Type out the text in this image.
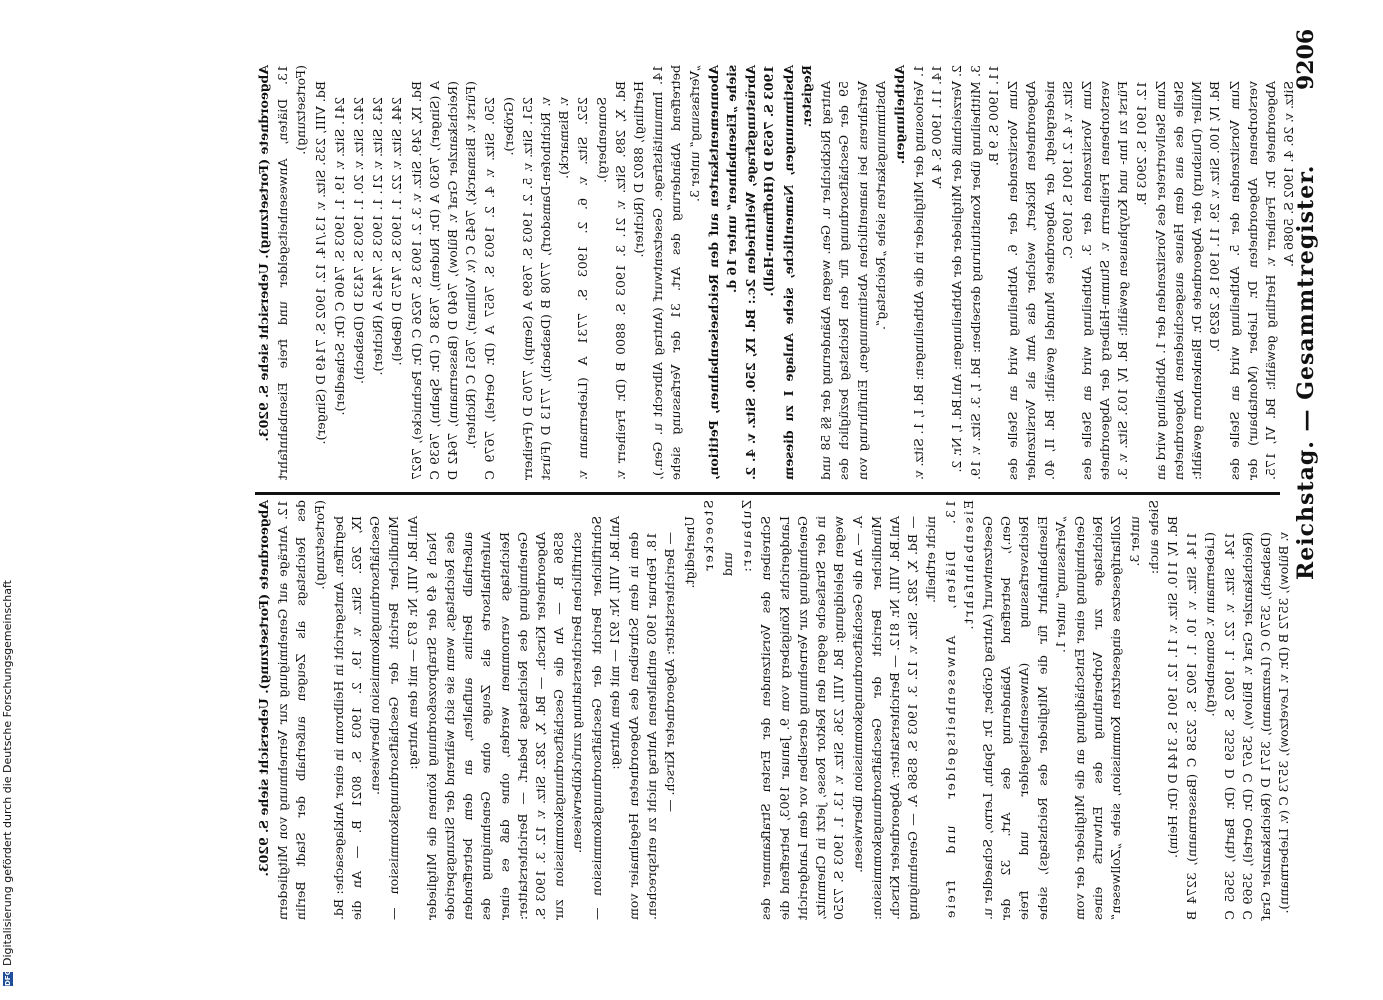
9206
Reichstag. — Gesammtregister.

Abgeordnete (Fortsetzung). Uebersicht siehe S. 9203. 12. Anträge auf Genehmigung zur Vernehmung von Mitgliedern des Reichstags als Zeugen außerhalb der Stadt Berlin (Fortsetzung). begriffen. Amtsgericht in Heilbronn in einer Anklagesache: Bd. IX, 262. Sitz. v. 19. 2. 1903 S. 8021 B. — An die Geschäftsordnungskommission überwiesen. Mündlicher Bericht der Geschäftsordnungskommission — Anl.Bd. VIII, Nr. 873 — mit dem Antrag: Nach § 49 der Strafprozeßordnung können die Mitglieder des Reichstags, wenn sie sich während der Sitzungsperiode außerhalb Berlins aufhalten, an dem betreffenden Aufenthaltsorte als Zeuge ohne Genehmigung des Reichstags vernommen werden, ohne daß es einer Genehmigung des Reichstags bedarf. — Berichterstatter: Abgeordneter Kirsch. — Bd. X, 282. Sitz. v. 12. 3. 1903 S. 8586 B. — An die Geschäftsordnungskommission zur schriftlichen Berichterstattung zurücküberwiesen. Schriftlicher Bericht der Geschäftsordnungskommission — Anl.Bd. VIII, Nr. 921 — mit dem Antrag: dem in dem Schreiben des Abgeordneten Hegelmaier vom 18. Februar 1903 enthaltenen Antrag nicht zu entsprechen. — Berichterstatter: Abgeordneter Kirsch. — Unerledigt. Stoecker und Zubauer: Schreiben des Vorsitzenden der Ersten Strafkammer des Landgerichts Königsberg vom 9. Januar 1903, betreffend die Genehmigung zur Vernehmung derselben vor dem Landgericht in der Strafsache gegen den Rektor Rosse, jetzt in Chemnitz, wegen Beleidigung: Bd. VIII, 236. Sitz. v. 13. 1. 1903 S. 7250 A. — An die Geschäftsordnungskommission überwiesen. Mündlicher Bericht der Geschäftsordnungskommission: Anl.Bd. VIII, Nr. 812. — Berichterstatter: Abgeordneter Kirsch. — Bd. X, 282. Sitz. v. 12. 3. 1903 S. 8586 A. — Genehmigung nicht ertheilt. 13. Diäten, Anwesenheitsgelder und freie Eisenbahnfahrt. Gesetzentwurf (Antrag Gröber, Dr. Spahn, Lerno, Schaedler u. Gen.), betreffend Abänderung des Art. 32 der Reichsverfassung (Anwesenheitsgelder und freie Eisenbahnfahrt für die Mitglieder des Reichstags), siehe „Verfassung“ unter 1. Genehmigung einer Entschädigung an die Mitglieder der vom Reichstage zur Vorberathung des Entwurfs eines Zolltarifgesetzes eingesetzten Kommission, siehe „Zollwesen“ unter 3. Siehe auch: Bd. IV, 110. Sitz. v. 11. 12. 1901 S. 3144 D (Dr. Heim). 114. Sitz. v. 10. 1. 1902 S. 3258 C (Bassermann), 3274 B (Liebermann v. Sonnenberg). 124. Sitz. v. 22. 1. 1902 S. 3559 D (Dr. Barth), 3565 C (Reichskanzler Graf v. Bülow), 3567 C (Dr. Oertel), 3569 C (Dasbach), 3570 C (Lenzmann), 3571 D (Reichskanzler Graf v. Bülow), 3572 B (Dr. v. Levetzow), 3573 C (v. Liebermann).

Abgeordnete (Fortsetzung). Uebersicht siehe S. 9203. 13. Diäten, Anwesenheitsgelder und freie Eisenbahnfahrt (Fortsetzung). Bd. VIII, 235. Sitz. v. 13./14. 12. 1902 S. 7149 D (Singer). 241. Sitz. v. 19. 1. 1903 S. 7406 C (Dr. Schaedler). 242. Sitz. v. 20. 1. 1903 S. 7433 D (Dasbach). 243. Sitz. v. 21. 1. 1903 S. 7445 A (Richter). 244. Sitz. v. 22. 1. 1903 S. 7475 D (Bebel). Bd. IX, 249. Sitz. v. 3. 2. 1903 S. 7626 C (Dr. Pachnicke), 7627 A (Singer), 7630 A (Dr. Rudem), 7638 C (Dr. Spahn), 7639 C (Reichskanzler Graf v. Bülow), 7640 D (Bassermann), 7642 D (Fürst v. Bismarck), 7645 C (v. Vollmar), 7651 C (Richter). 250. Sitz. v. 4. 2. 1903 S. 7657 A (Dr. Oertel), 7679 C (Gröber). 251. Sitz. v. 5. 2. 1903 S. 7699 A (Semp), 7705 D (Freiherr v. Richthofen-Damsdorf), 7708 B (Dasbach), 7713 D (Fürst v. Bismarck). 252. Sitz. v. 6. 2. 1903 S. 7731 A (Liebermann v. Sonnenberg). Bd. X, 289. Sitz. v. 21. 3. 1903 S. 8800 B (Dr. Freiherr v. Hertling), 8802 D (Richter). 14. Immunitätsfrage. Gesetzentwurf (Antrag Albrecht u. Gen.), betreffend Abänderung des Art. 31 der Verfassung siehe „Verfassung“ unter 3. Abonnementskarten auf den Reichseisenbahnen, Petition, siehe „Eisenbahnen“ unter 16 d. Abrüstungsfrage, Weltfrieden 2c.: Bd. IX, 250. Sitz. v. 4. 2. 1903 S. 7659 D (Hoffmann-Hall). Abstimmungen, Namentliche, siehe Anlage I zu diesem Register. Antrag Rickbichler u. Gen. wegen Abänderung der §§ 58 und 59 der Geschäftsordnung für den Reichstag bezüglich des Verfahrens bei namentlichen Abstimmungen, Einführung von Abstimmungskarten siehe „Reichstag“. Abtheilungen. 1. Verloosung der Mitglieder in die Abtheilungen: Bd. I, 1. Sitz. v. 14. 11. 1900 S. 4 A. 2. Verzeichniß der Mitglieder der Abtheilungen: Anl.Bd. I, Nr. 2. 3. Mittheilung über Konstituirung derselben: Bd. I, 3. Sitz. v. 19. 11. 1900 S. 9 B. Zum Vorsitzenden der 6. Abtheilung wird an Stelle des Abgeordneten Rickert, welcher das Amt als Vorsitzender niedergelegt, der Abgeordnete Mundel gewählt: Bd. II, 40. Sitz. v. 4. 2. 1901 S. 1095 C. Zum Vorsitzenden der 3. Abtheilung wird an Stelle des verstorbenen Freiherrn v. Stumm-Halberg der Abgeordnete Fürst zu Inn- und Knyphausen gewählt: Bd. IV, 103. Sitz. v. 3. 12. 1901 S. 2903 B. Zum Stellvertreter des Vorsitzenden der 1. Abtheilung wird an Stelle des aus dem Hause ausgeschiedenen Abgeordneten Müller (Duisburg) der Abgeordnete Dr. Blankenhorn gewählt: Bd. IV, 100. Sitz. v. 29. 11. 1901 S. 2829 D. Zum Vorsitzenden der 5. Abtheilung wird an Stelle des verstorbenen Abgeordneten Dr. Lieber (Montabaur) der Abgeordnete Dr. Freiherr v. Hertling gewählt: Bd. VI, 175. Sitz. v. 26. 4. 1902 S. 5086 A.

DFGDigitalisierung gefördert durch die Deutsche Forschungsgemeinschaft
